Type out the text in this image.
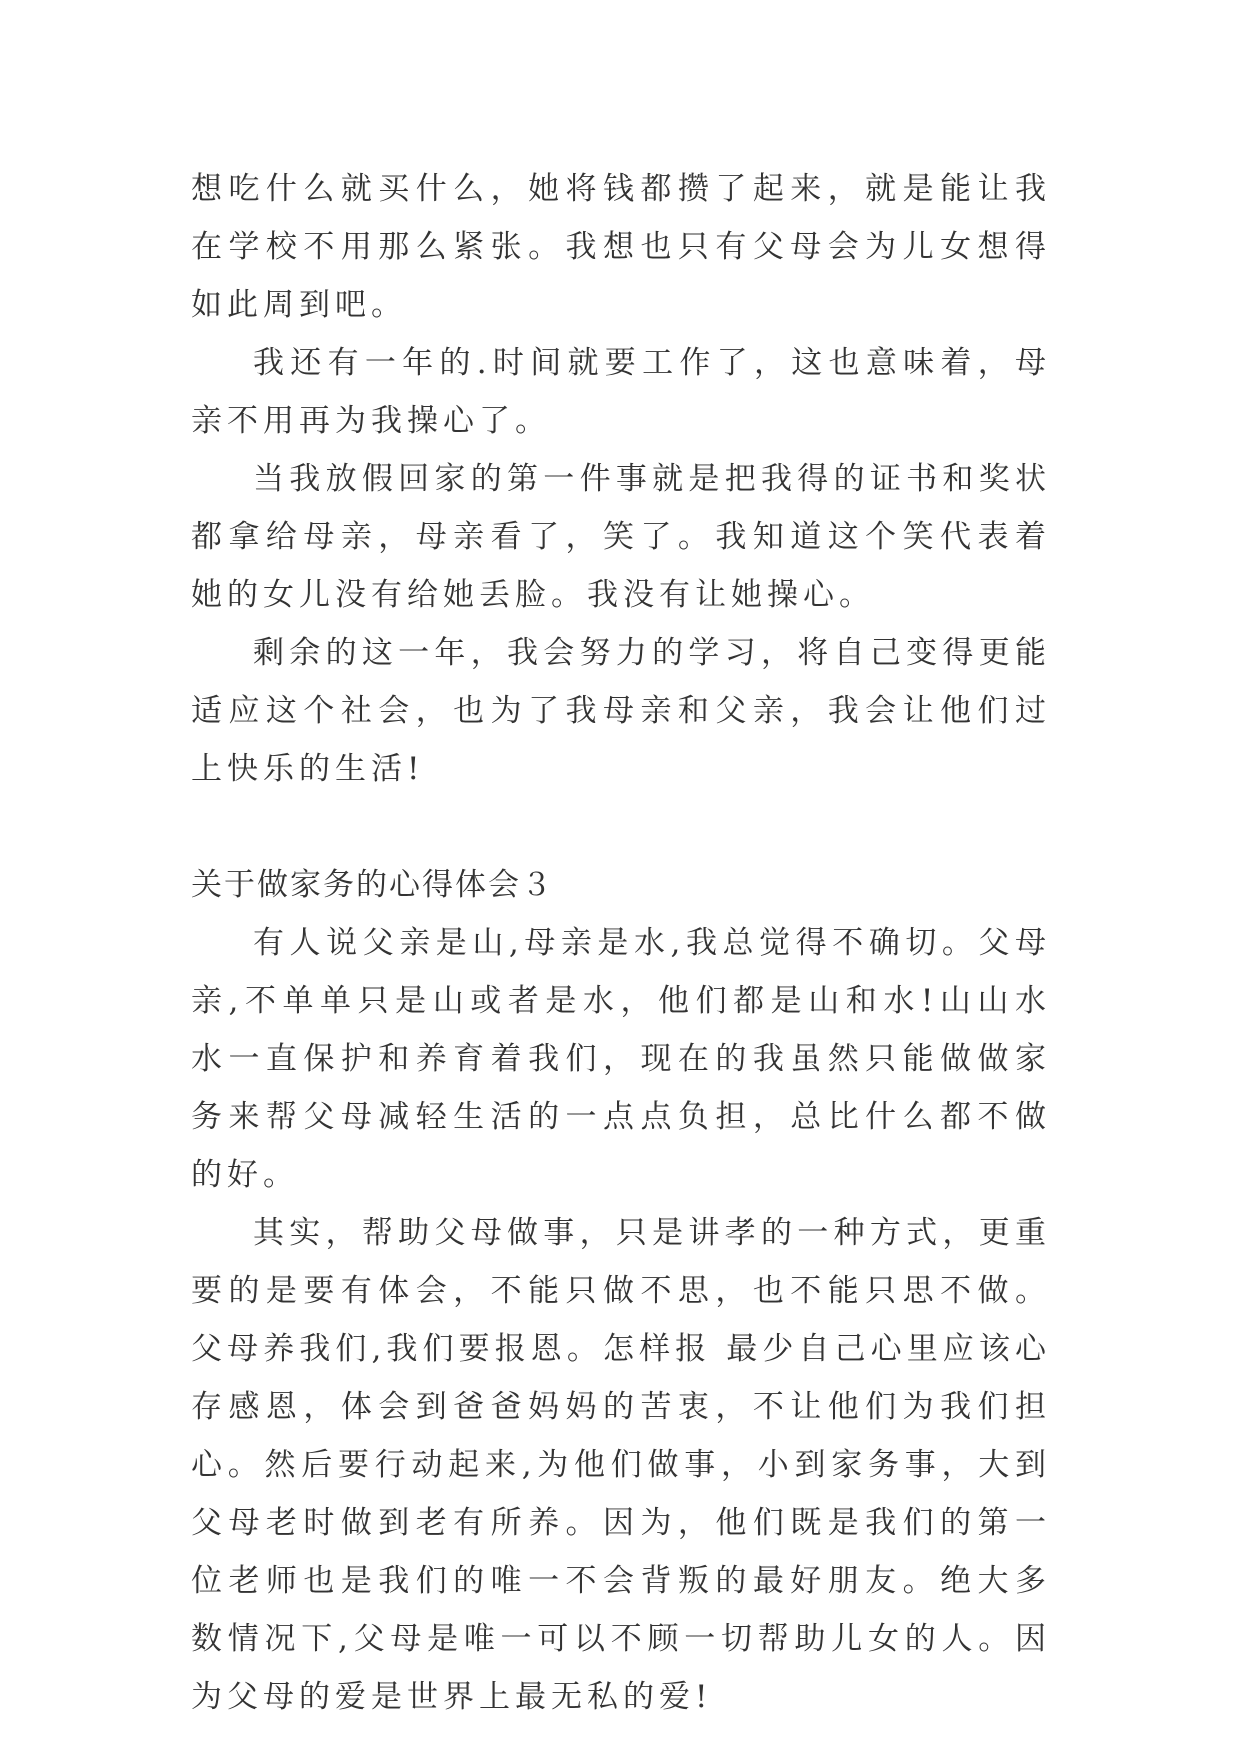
想吃什么就买什么，她将钱都攒了起来，就是能让我在学校不用那么紧张。我想也只有父母会为儿女想得如此周到吧。

我还有一年的.时间就要工作了，这也意味着，母亲不用再为我操心了。

当我放假回家的第一件事就是把我得的证书和奖状都拿给母亲，母亲看了，笑了。我知道这个笑代表着她的女儿没有给她丢脸。我没有让她操心。

剩余的这一年，我会努力的学习，将自己变得更能适应这个社会，也为了我母亲和父亲，我会让他们过上快乐的生活!

关于做家务的心得体会３

有人说父亲是山,母亲是水,我总觉得不确切。父母亲,不单单只是山或者是水，他们都是山和水!山山水水一直保护和养育着我们，现在的我虽然只能做做家务来帮父母减轻生活的一点点负担，总比什么都不做的好。

其实，帮助父母做事，只是讲孝的一种方式，更重要的是要有体会，不能只做不思，也不能只思不做。父母养我们,我们要报恩。怎样报 最少自己心里应该心存感恩，体会到爸爸妈妈的苦衷，不让他们为我们担心。然后要行动起来,为他们做事，小到家务事，大到父母老时做到老有所养。因为，他们既是我们的第一位老师也是我们的唯一不会背叛的最好朋友。绝大多数情况下,父母是唯一可以不顾一切帮助儿女的人。因为父母的爱是世界上最无私的爱!
